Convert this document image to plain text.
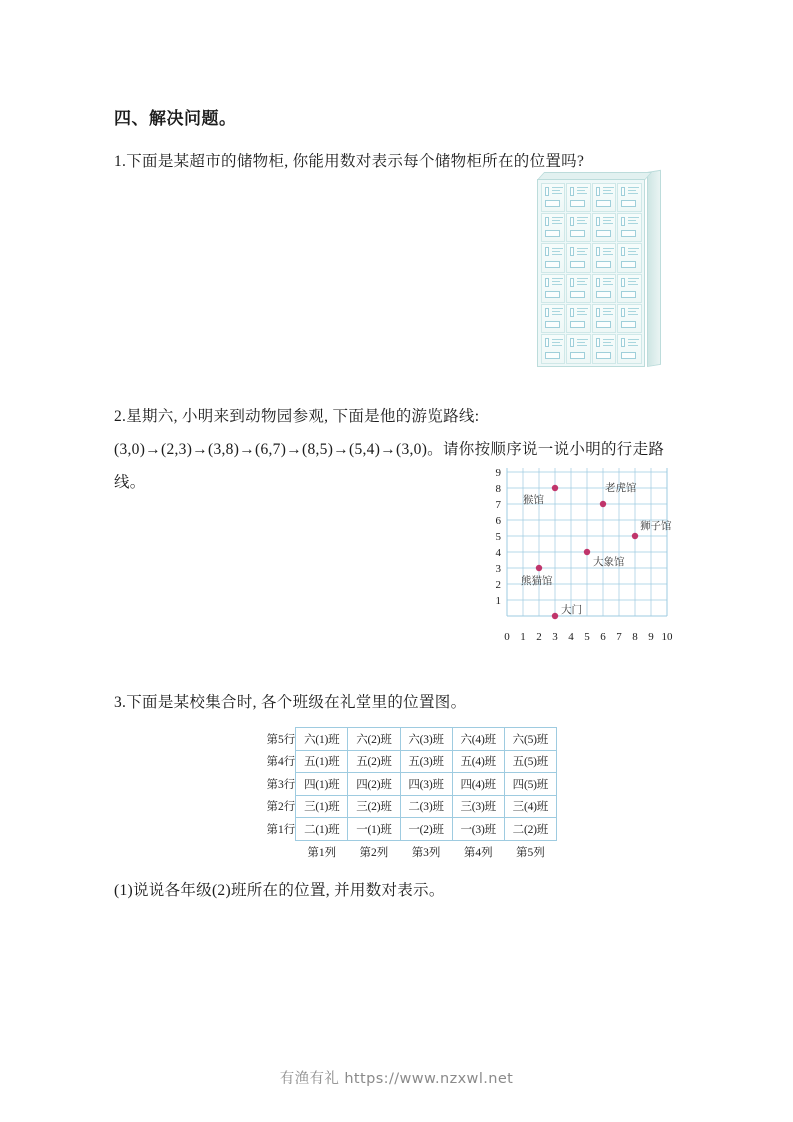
四、解决问题。
1.下面是某超市的储物柜, 你能用数对表示每个储物柜所在的位置吗?
2.星期六, 小明来到动物园参观, 下面是他的游览路线:(3,0)→(2,3)→(3,8)→(6,7)→(8,5)→(5,4)→(3,0)。请你按顺序说一说小明的行走路线。
1
2
3
4
5
6
7
8
9
0 1 2 3 4 5 6 7 8 9 10
猴馆
老虎馆
狮子馆
大象馆
熊猫馆
大门
3.下面是某校集合时, 各个班级在礼堂里的位置图。
第5行	六(1)班	六(2)班	六(3)班	六(4)班	六(5)班
第4行	五(1)班	五(2)班	五(3)班	五(4)班	五(5)班
第3行	四(1)班	四(2)班	四(3)班	四(4)班	四(5)班
第2行	三(1)班	三(2)班	二(3)班	三(3)班	三(4)班
第1行	二(1)班	一(1)班	一(2)班	一(3)班	二(2)班
	第1列	第2列	第3列	第4列	第5列
(1)说说各年级(2)班所在的位置, 并用数对表示。
有渔有礼 https://www.nzxwl.net
